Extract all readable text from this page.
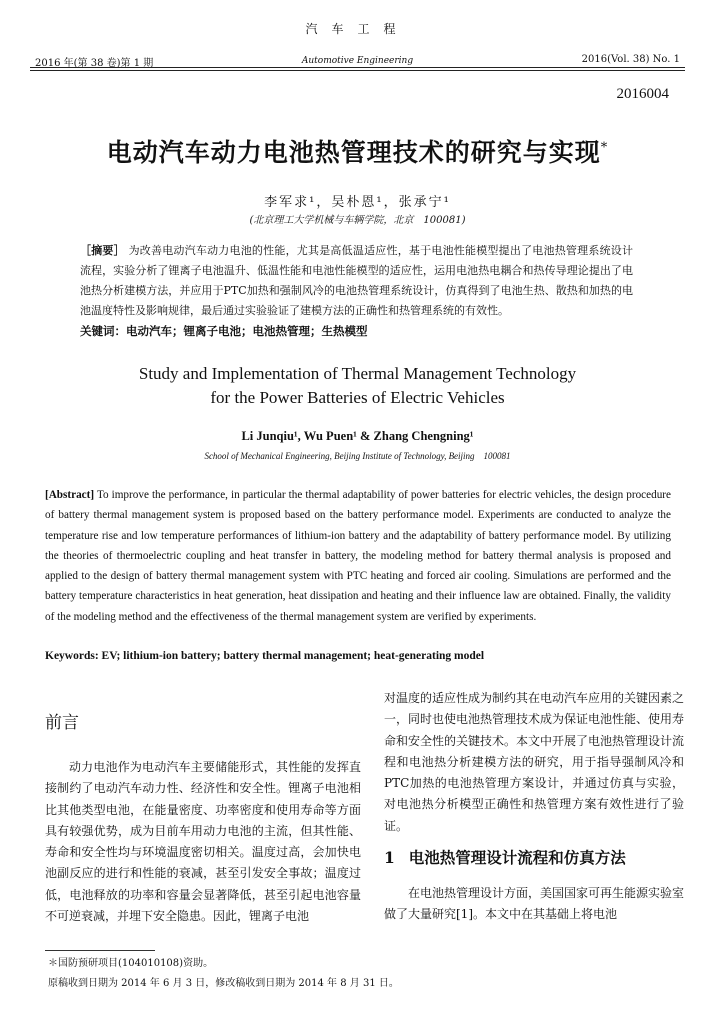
汽车工程
2016 年(第 38 卷)第 1 期	Automotive Engineering	2016(Vol. 38) No. 1
2016004
电动汽车动力电池热管理技术的研究与实现*
李军求¹，吴朴恩¹，张承宁¹
(北京理工大学机械与车辆学院，北京　100081)
［摘要］ 为改善电动汽车动力电池的性能，尤其是高低温适应性，基于电池性能模型提出了电池热管理系统设计流程，实验分析了锂离子电池温升、低温性能和电池性能模型的适应性，运用电池热电耦合和热传导理论提出了电池热分析建模方法，并应用于PTC加热和强制风冷的电池热管理系统设计，仿真得到了电池生热、散热和加热的电池温度特性及影响规律，最后通过实验验证了建模方法的正确性和热管理系统的有效性。
关键词：电动汽车；锂离子电池；电池热管理；生热模型
Study and Implementation of Thermal Management Technology
for the Power Batteries of Electric Vehicles
Li Junqiu¹, Wu Puen¹ & Zhang Chengning¹
School of Mechanical Engineering, Beijing Institute of Technology, Beijing　100081
[Abstract] To improve the performance, in particular the thermal adaptability of power batteries for electric vehicles, the design procedure of battery thermal management system is proposed based on the battery performance model. Experiments are conducted to analyze the temperature rise and low temperature performances of lithium-ion battery and the adaptability of battery performance model. By utilizing the theories of thermoelectric coupling and heat transfer in battery, the modeling method for battery thermal analysis is proposed and applied to the design of battery thermal management system with PTC heating and forced air cooling. Simulations are performed and the battery temperature characteristics in heat generation, heat dissipation and heating and their influence law are obtained. Finally, the validity of the modeling method and the effectiveness of the thermal management system are verified by experiments.
Keywords: EV; lithium-ion battery; battery thermal management; heat-generating model
前言

动力电池作为电动汽车主要储能形式，其性能的发挥直接制约了电动汽车动力性、经济性和安全性。锂离子电池相比其他类型电池，在能量密度、功率密度和使用寿命等方面具有较强优势，成为目前车用动力电池的主流，但其性能、寿命和安全性均与环境温度密切相关。温度过高，会加快电池副反应的进行和性能的衰减，甚至引发安全事故；温度过低，电池释放的功率和容量会显著降低，甚至引起电池容量不可逆衰减，并埋下安全隐患。因此，锂离子电池

对温度的适应性成为制约其在电动汽车应用的关键因素之一，同时也使电池热管理技术成为保证电池性能、使用寿命和安全性的关键技术。本文中开展了电池热管理设计流程和电池热分析建模方法的研究，用于指导强制风冷和PTC加热的电池热管理方案设计，并通过仿真与实验，对电池热分析模型正确性和热管理方案有效性进行了验证。

1 电池热管理设计流程和仿真方法

在电池热管理设计方面，美国国家可再生能源实验室做了大量研究[1]。本文中在其基础上将电池

＊国防预研项目(104010108)资助。
原稿收到日期为 2014 年 6 月 3 日，修改稿收到日期为 2014 年 8 月 31 日。
